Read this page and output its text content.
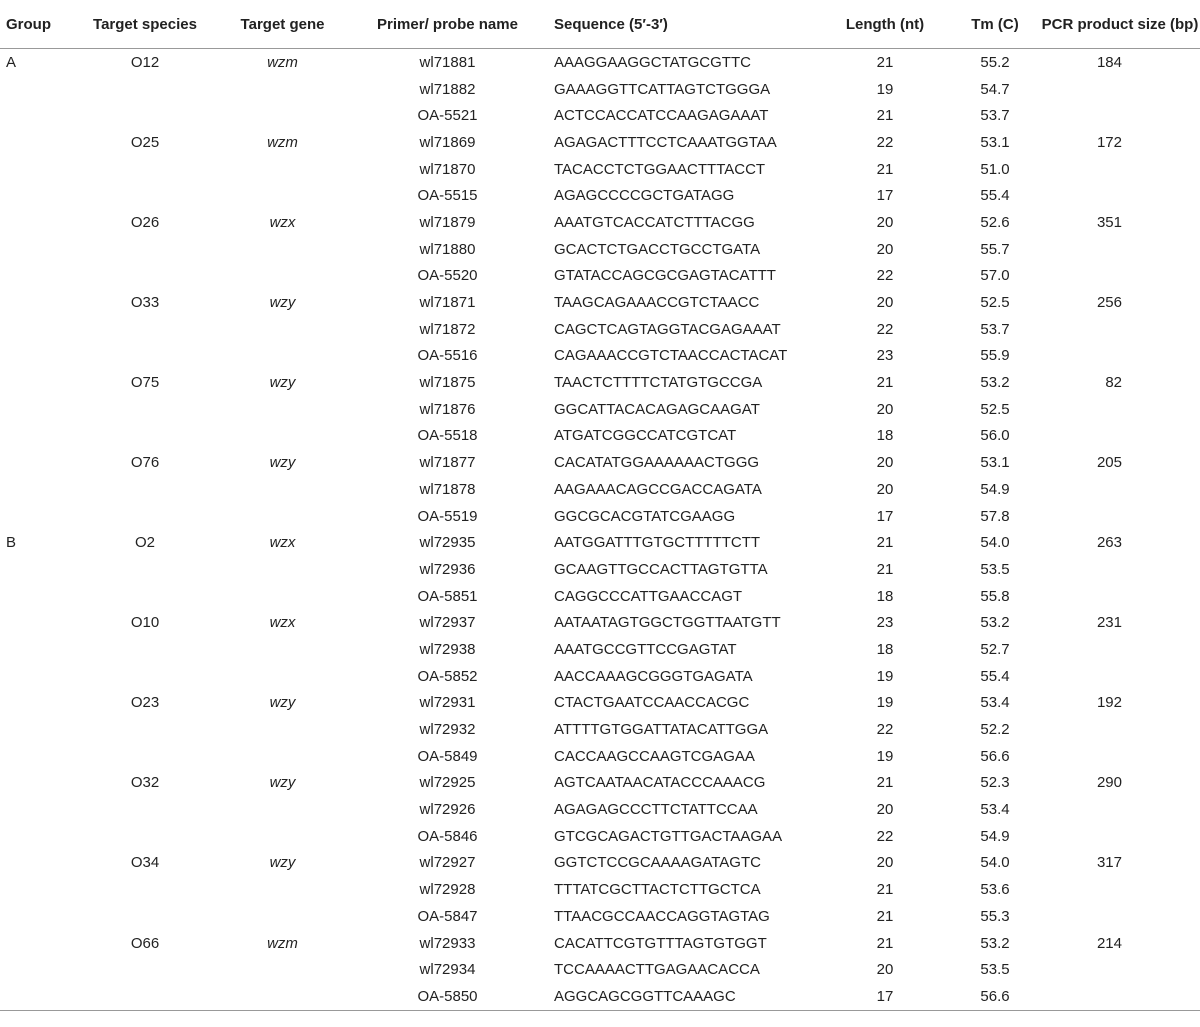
Group	Target species	Target gene	Primer/ probe name	Sequence (5′-3′)	Length (nt)	Tm (C)	PCR product size (bp)
A	O12	wzm	wl71881	AAAGGAAGGCTATGCGTTC	21	55.2	184
			wl71882	GAAAGGTTCATTAGTCTGGGA	19	54.7	
			OA-5521	ACTCCACCATCCAAGAGAAAT	21	53.7	
	O25	wzm	wl71869	AGAGACTTTCCTCAAATGGTAA	22	53.1	172
			wl71870	TACACCTCTGGAACTTTACCT	21	51.0	
			OA-5515	AGAGCCCCGCTGATAGG	17	55.4	
	O26	wzx	wl71879	AAATGTCACCATCTTTACGG	20	52.6	351
			wl71880	GCACTCTGACCTGCCTGATA	20	55.7	
			OA-5520	GTATACCAGCGCGAGTACATTT	22	57.0	
	O33	wzy	wl71871	TAAGCAGAAACCGTCTAACC	20	52.5	256
			wl71872	CAGCTCAGTAGGTACGAGAAAT	22	53.7	
			OA-5516	CAGAAACCGTCTAACCACTACAT	23	55.9	
	O75	wzy	wl71875	TAACTCTTTTCTATGTGCCGA	21	53.2	82
			wl71876	GGCATTACACAGAGCAAGAT	20	52.5	
			OA-5518	ATGATCGGCCATCGTCAT	18	56.0	
	O76	wzy	wl71877	CACATATGGAAAAAACTGGG	20	53.1	205
			wl71878	AAGAAACAGCCGACCAGATA	20	54.9	
			OA-5519	GGCGCACGTATCGAAGG	17	57.8	
B	O2	wzx	wl72935	AATGGATTTGTGCTTTTTCTT	21	54.0	263
			wl72936	GCAAGTTGCCACTTAGTGTTA	21	53.5	
			OA-5851	CAGGCCCATTGAACCAGT	18	55.8	
	O10	wzx	wl72937	AATAATAGTGGCTGGTTAATGTT	23	53.2	231
			wl72938	AAATGCCGTTCCGAGTAT	18	52.7	
			OA-5852	AACCAAAGCGGGTGAGATA	19	55.4	
	O23	wzy	wl72931	CTACTGAATCCAACCACGC	19	53.4	192
			wl72932	ATTTTGTGGATTATACATTGGA	22	52.2	
			OA-5849	CACCAAGCCAAGTCGAGAA	19	56.6	
	O32	wzy	wl72925	AGTCAATAACATACCCAAACG	21	52.3	290
			wl72926	AGAGAGCCCTTCTATTCCAA	20	53.4	
			OA-5846	GTCGCAGACTGTTGACTAAGAA	22	54.9	
	O34	wzy	wl72927	GGTCTCCGCAAAAGATAGTC	20	54.0	317
			wl72928	TTTATCGCTTACTCTTGCTCA	21	53.6	
			OA-5847	TTAACGCCAACCAGGTAGTAG	21	55.3	
	O66	wzm	wl72933	CACATTCGTGTTTAGTGTGGT	21	53.2	214
			wl72934	TCCAAAACTTGAGAACACCA	20	53.5	
			OA-5850	AGGCAGCGGTTCAAAGC	17	56.6	
